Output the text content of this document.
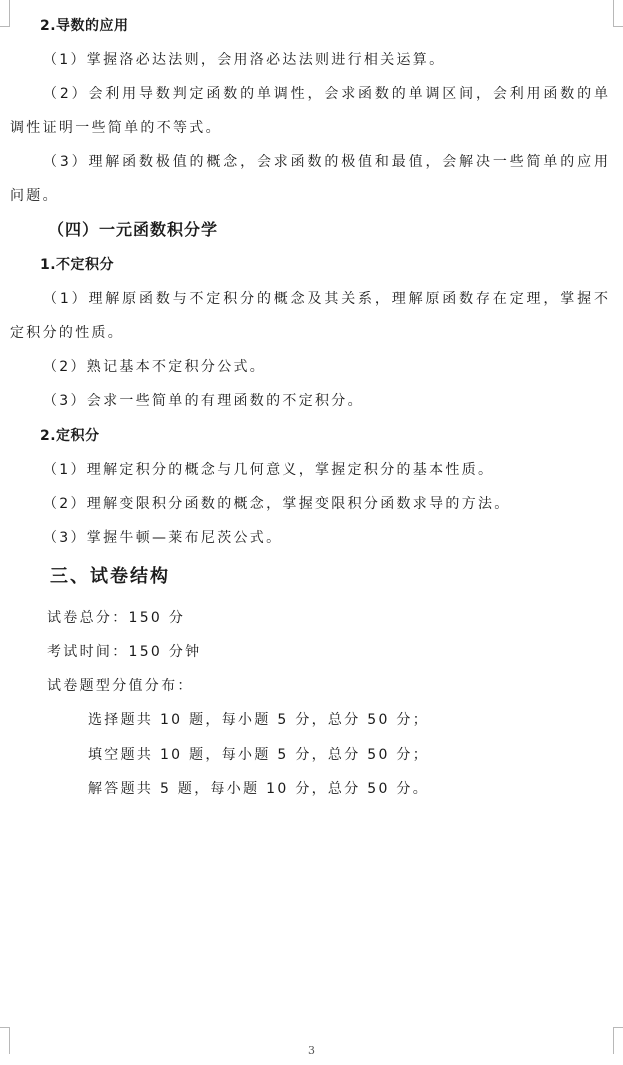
2.导数的应用
（1）掌握洛必达法则，会用洛必达法则进行相关运算。
（2）会利用导数判定函数的单调性，会求函数的单调区间，会利用函数的单
调性证明一些简单的不等式。
（3）理解函数极值的概念，会求函数的极值和最值，会解决一些简单的应用
问题。
（四）一元函数积分学
1.不定积分
（1）理解原函数与不定积分的概念及其关系，理解原函数存在定理，掌握不
定积分的性质。
（2）熟记基本不定积分公式。
（3）会求一些简单的有理函数的不定积分。
2.定积分
（1）理解定积分的概念与几何意义，掌握定积分的基本性质。
（2）理解变限积分函数的概念，掌握变限积分函数求导的方法。
（3）掌握牛顿—莱布尼茨公式。
三、试卷结构
试卷总分：150 分
考试时间：150 分钟
试卷题型分值分布：
选择题共 10 题，每小题 5 分，总分 50 分；
填空题共 10 题，每小题 5 分，总分 50 分；
解答题共 5 题，每小题 10 分，总分 50 分。
3
